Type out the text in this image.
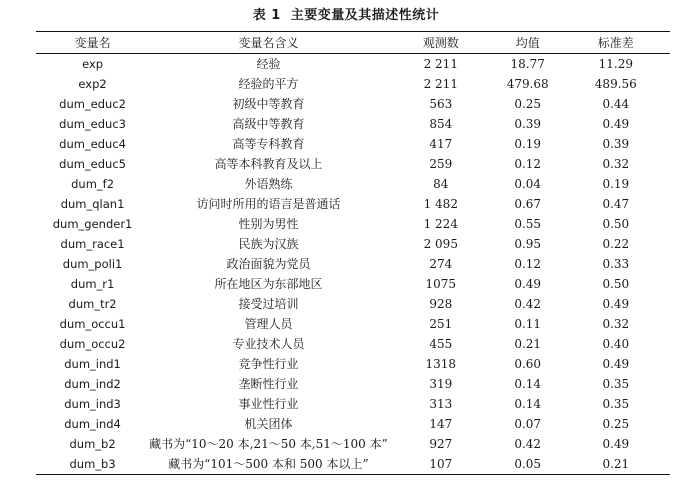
表 1 主要变量及其描述性统计
变量名	变量名含义	观测数	均值	标准差
exp	经验	2 211	18.77	11.29
exp2	经验的平方	2 211	479.68	489.56
dum_educ2	初级中等教育	563	0.25	0.44
dum_educ3	高级中等教育	854	0.39	0.49
dum_educ4	高等专科教育	417	0.19	0.39
dum_educ5	高等本科教育及以上	259	0.12	0.32
dum_f2	外语熟练	84	0.04	0.19
dum_qlan1	访问时所用的语言是普通话	1 482	0.67	0.47
dum_gender1	性别为男性	1 224	0.55	0.50
dum_race1	民族为汉族	2 095	0.95	0.22
dum_poli1	政治面貌为党员	274	0.12	0.33
dum_r1	所在地区为东部地区	1075	0.49	0.50
dum_tr2	接受过培训	928	0.42	0.49
dum_occu1	管理人员	251	0.11	0.32
dum_occu2	专业技术人员	455	0.21	0.40
dum_ind1	竞争性行业	1318	0.60	0.49
dum_ind2	垄断性行业	319	0.14	0.35
dum_ind3	事业性行业	313	0.14	0.35
dum_ind4	机关团体	147	0.07	0.25
dum_b2	藏书为“10～20 本,21～50 本,51～100 本”	927	0.42	0.49
dum_b3	藏书为“101～500 本和 500 本以上”	107	0.05	0.21
